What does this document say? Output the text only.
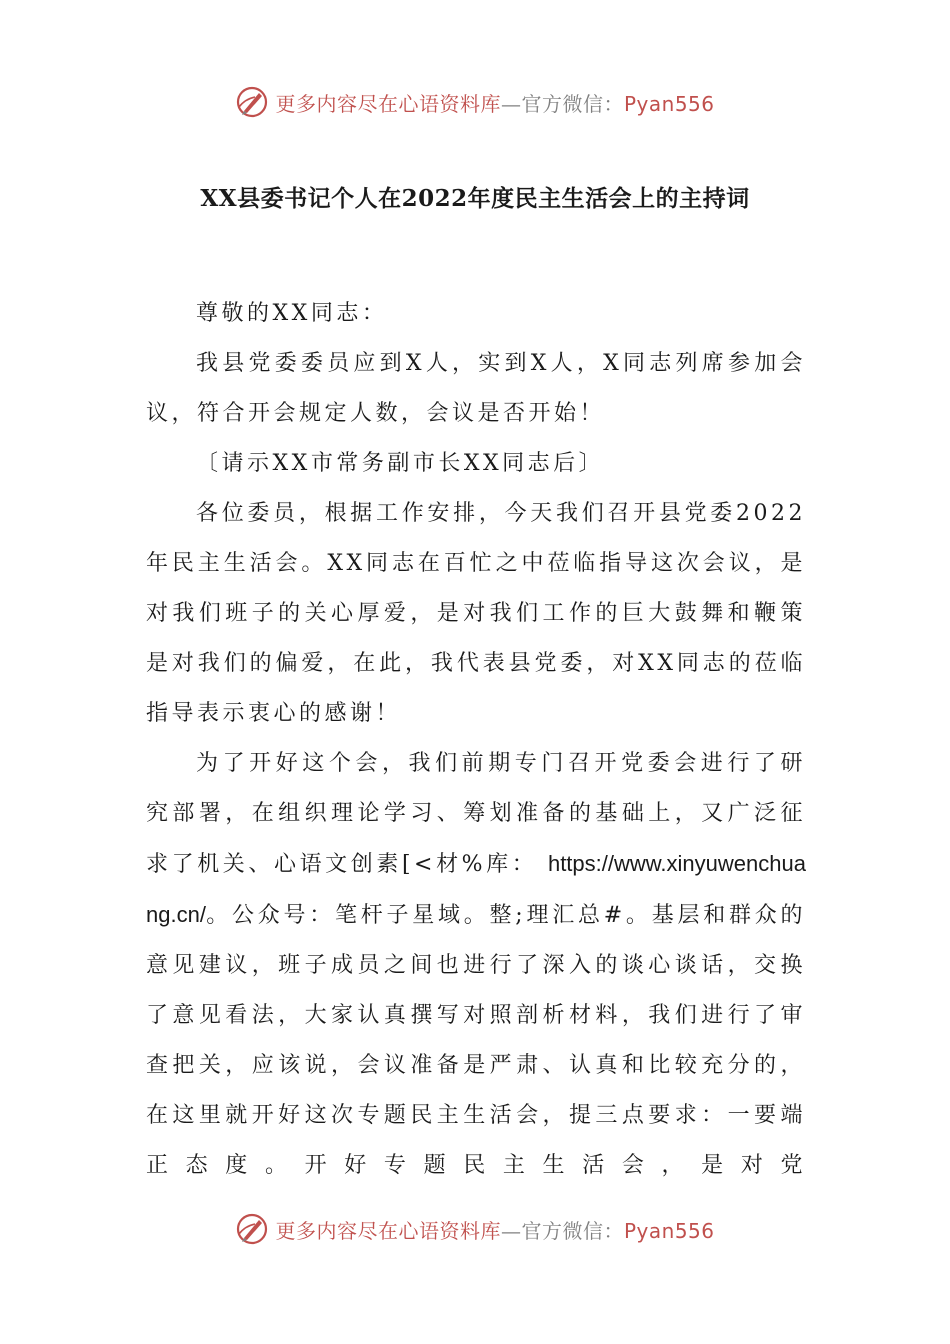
更多内容尽在心语资料库—官方微信：Pyan556
XX县委书记个人在2022年度民主生活会上的主持词

尊敬的XX同志：

我县党委委员应到X人，实到X人，X同志列席参加会议，符合开会规定人数，会议是否开始！

〔请示XX市常务副市长XX同志后〕

各位委员，根据工作安排，今天我们召开县党委2022年民主生活会。XX同志在百忙之中莅临指导这次会议，是对我们班子的关心厚爱，是对我们工作的巨大鼓舞和鞭策是对我们的偏爱，在此，我代表县党委，对XX同志的莅临指导表示衷心的感谢！

为了开好这个会，我们前期专门召开党委会进行了研究部署，在组织理论学习、筹划准备的基础上，又广泛征求了机关、心语文创素[<材%库： https://www.xinyuwenchuang.cn/。公众号：笔杆子星域。整;理汇总#。基层和群众的意见建议，班子成员之间也进行了深入的谈心谈话，交换了意见看法，大家认真撰写对照剖析材料，我们进行了审查把关，应该说，会议准备是严肃、认真和比较充分的，在这里就开好这次专题民主生活会，提三点要求：一要端正态度。开好专题民主生活会，是对党

更多内容尽在心语资料库—官方微信：Pyan556
